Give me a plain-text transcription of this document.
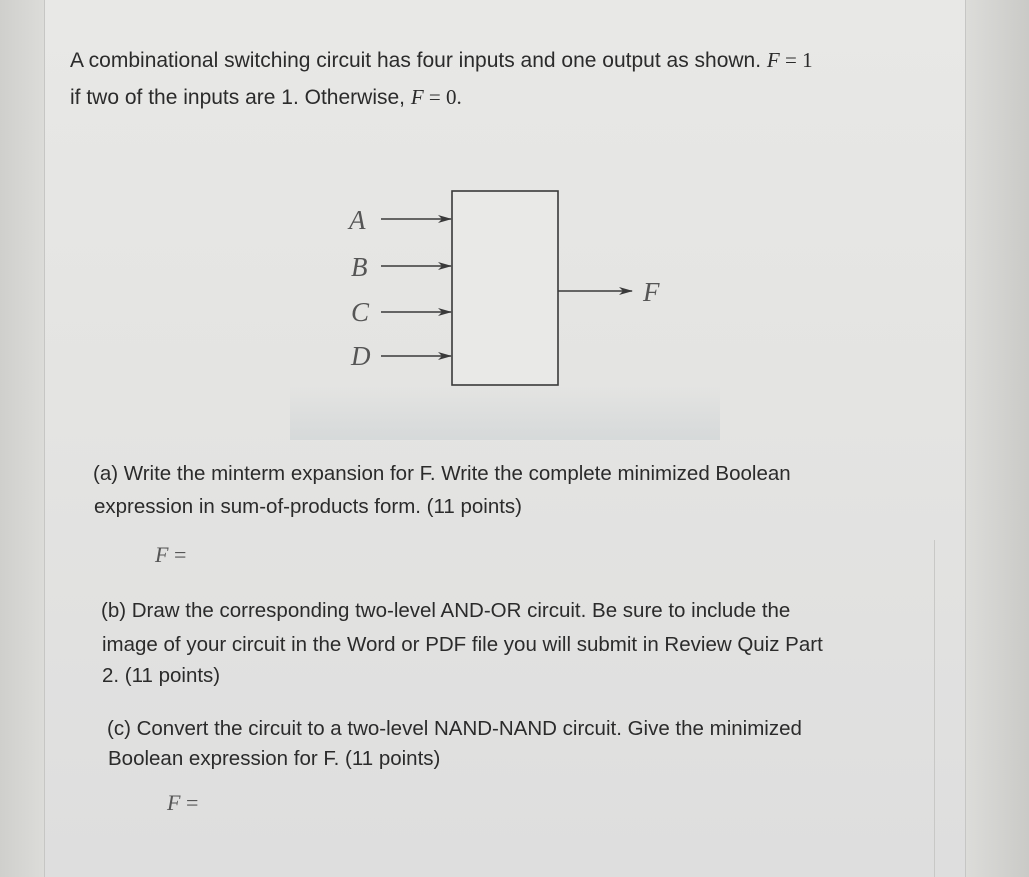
A combinational switching circuit has four inputs and one output as shown. F = 1
if two of the inputs are 1. Otherwise, F = 0.
A
B
C
D
F
(a) Write the minterm expansion for F. Write the complete minimized Boolean
expression in sum-of-products form. (11 points)
F =
(b) Draw the corresponding two-level AND-OR circuit. Be sure to include the
image of your circuit in the Word or PDF file you will submit in Review Quiz Part
2. (11 points)
(c) Convert the circuit to a two-level NAND-NAND circuit. Give the minimized
Boolean expression for F. (11 points)
F =
